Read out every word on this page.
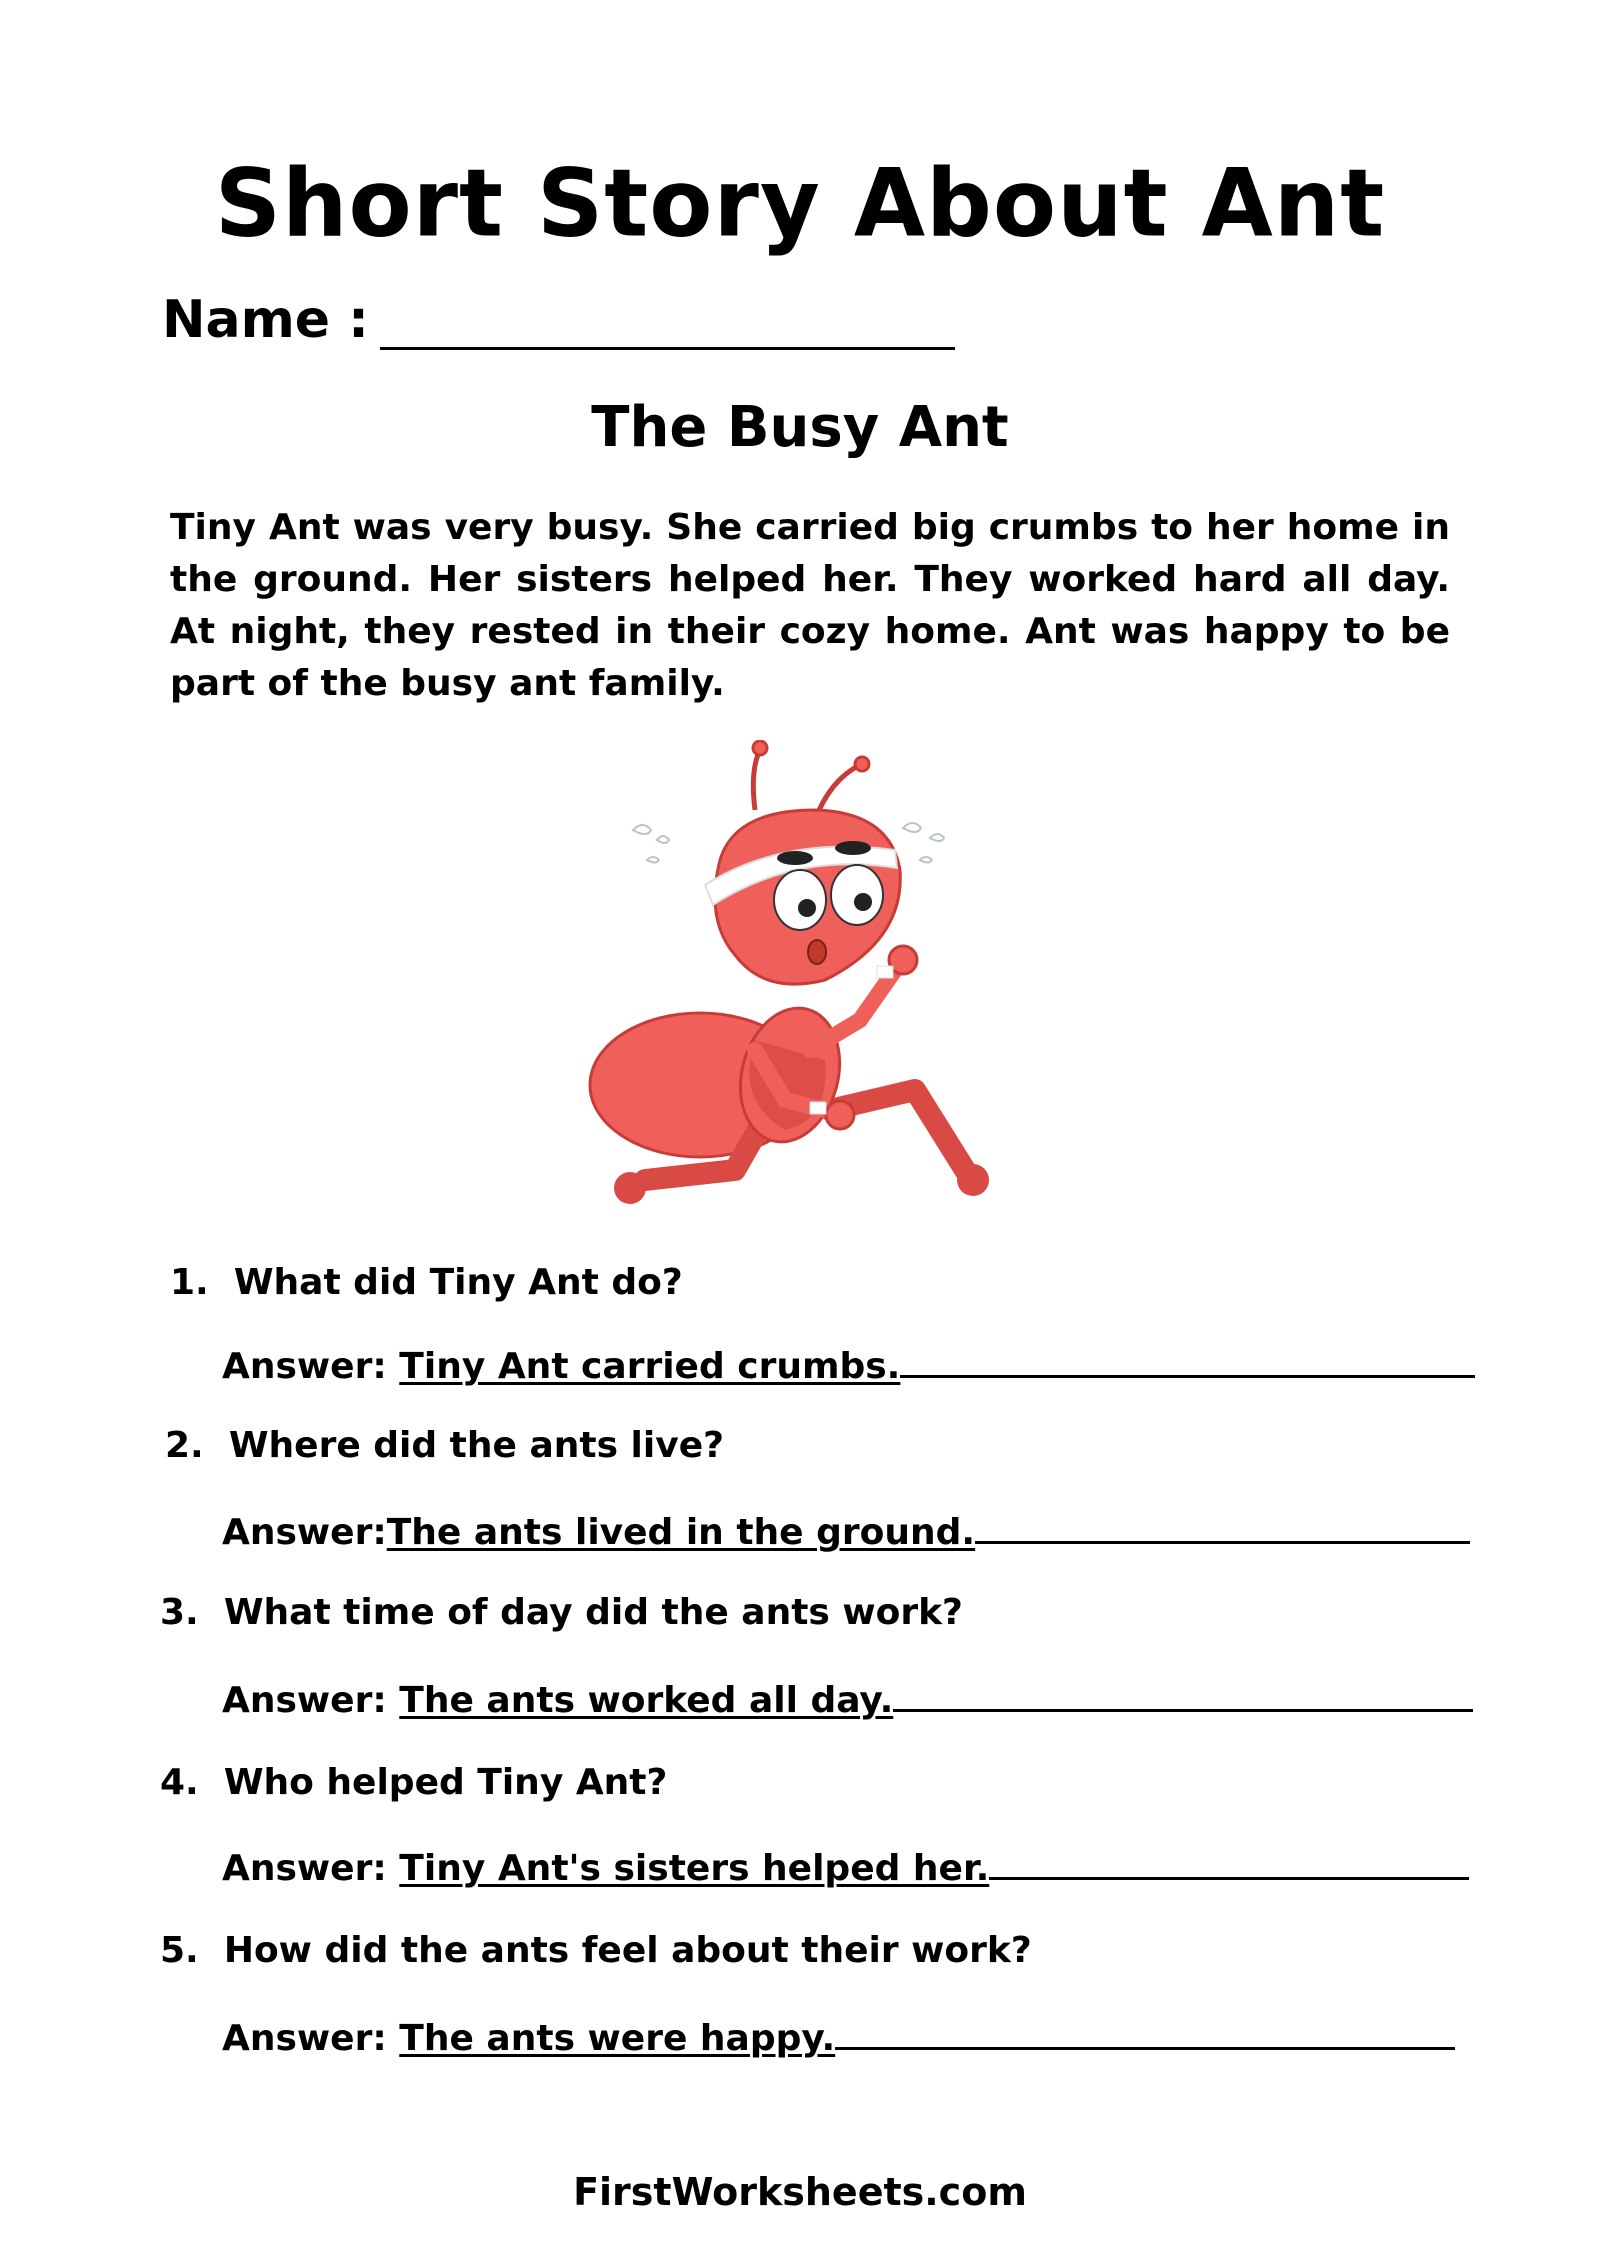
Short Story About Ant
Name :
The Busy Ant
Tiny Ant was very busy. She carried big crumbs to her home in the ground. Her sisters helped her. They worked hard all day. At night, they rested in their cozy home. Ant was happy to be part of the busy ant family.
1. What did Tiny Ant do?
Answer: Tiny Ant carried crumbs.
2. Where did the ants live?
Answer:The ants lived in the ground.
3. What time of day did the ants work?
Answer: The ants worked all day.
4. Who helped Tiny Ant?
Answer: Tiny Ant's sisters helped her.
5. How did the ants feel about their work?
Answer: The ants were happy.
FirstWorksheets.com
